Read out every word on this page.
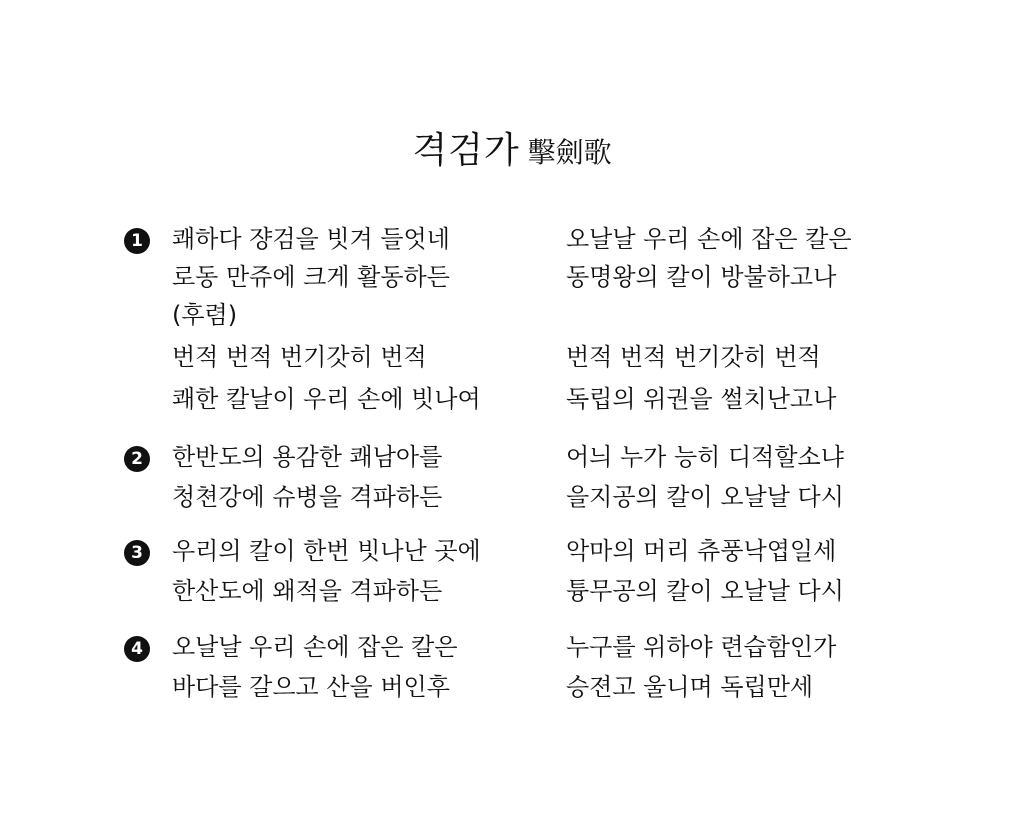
격검가 擊劍歌
1 쾌하다 쟝검을 빗겨 들엇네	오날날 우리 손에 잡은 칼은
로동 만쥬에 크게 활동하든	동명왕의 칼이 방불하고나
(후렴)
번적 번적 번기갓히 번적	번적 번적 번기갓히 번적
쾌한 칼날이 우리 손에 빗나여	독립의 위권을 썰치난고나
2 한반도의 용감한 쾌남아를	어늬 누가 능히 디적할소냐
청쳔강에 슈병을 격파하든	을지공의 칼이 오날날 다시
3 우리의 칼이 한번 빗나난 곳에	악마의 머리 츄풍낙엽일세
한산도에 왜적을 격파하든	튱무공의 칼이 오날날 다시
4 오날날 우리 손에 잡은 칼은	누구를 위하야 련습함인가
바다를 갈으고 산을 버인후	승젼고 울니며 독립만세
